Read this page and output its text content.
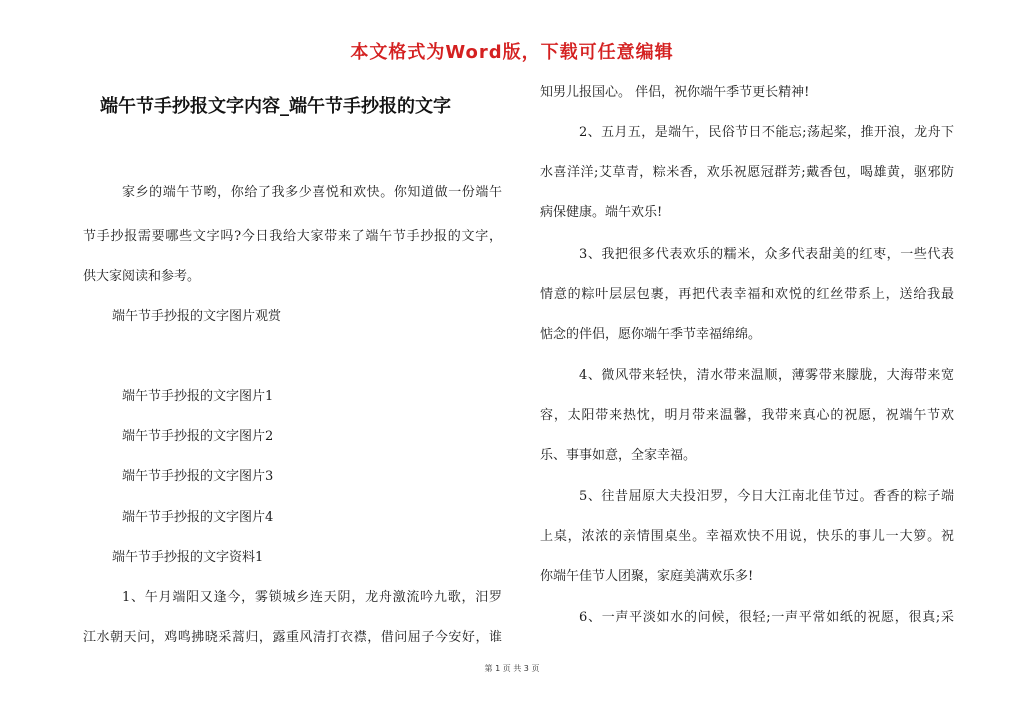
本文格式为Word版，下载可任意编辑
端午节手抄报文字内容_端午节手抄报的文字
家乡的端午节哟，你给了我多少喜悦和欢快。你知道做一份端午
节手抄报需要哪些文字吗?今日我给大家带来了端午节手抄报的文字，
供大家阅读和参考。
端午节手抄报的文字图片观赏
端午节手抄报的文字图片1
端午节手抄报的文字图片2
端午节手抄报的文字图片3
端午节手抄报的文字图片4
端午节手抄报的文字资料1
1、午月端阳又逢今，雾锁城乡连天阴，龙舟激流吟九歌，汨罗
江水朝天问，鸡鸣拂晓采蒿归，露重风清打衣襟，借问屈子今安好，谁
知男儿报国心。 伴侣，祝你端午季节更长精神!
2、五月五，是端午，民俗节日不能忘;荡起桨，推开浪，龙舟下
水喜洋洋;艾草青，粽米香，欢乐祝愿冠群芳;戴香包，喝雄黄，驱邪防
病保健康。端午欢乐!
3、我把很多代表欢乐的糯米，众多代表甜美的红枣，一些代表
情意的粽叶层层包裹，再把代表幸福和欢悦的红丝带系上，送给我最
惦念的伴侣，愿你端午季节幸福绵绵。
4、微风带来轻快，清水带来温顺，薄雾带来朦胧，大海带来宽
容，太阳带来热忱，明月带来温馨，我带来真心的祝愿，祝端午节欢
乐、事事如意，全家幸福。
5、往昔屈原大夫投汨罗，今日大江南北佳节过。香香的粽子端
上桌，浓浓的亲情围桌坐。幸福欢快不用说，快乐的事儿一大箩。祝
你端午佳节人团聚，家庭美满欢乐多!
6、一声平淡如水的问候，很轻;一声平常如纸的祝愿，很真;采
第 1 页 共 3 页
